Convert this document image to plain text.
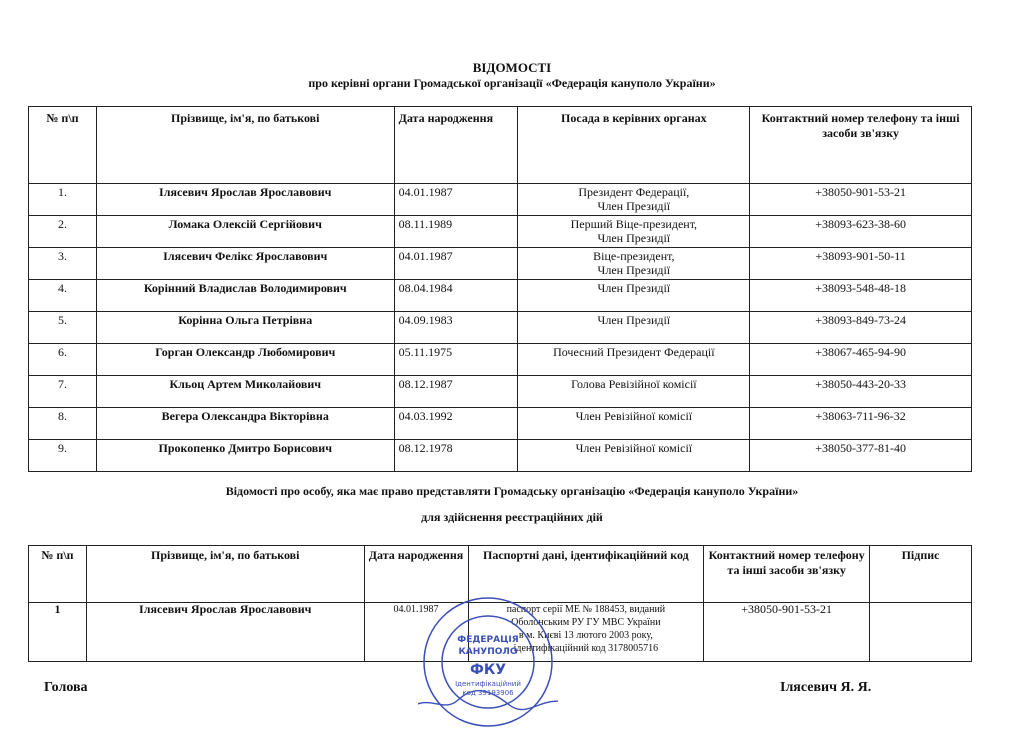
ВІДОМОСТІ
про керівні органи Громадської організації «Федерація кануполо України»
№ п\п	Прізвище, ім'я, по батькові	Дата народження	Посада в керівних органах	Контактний номер телефону та інші засоби зв'язку
1.	Ілясевич Ярослав Ярославович	04.01.1987	Президент Федерації,
Член Президії	+38050-901-53-21
2.	Ломака Олексій Сергійович	08.11.1989	Перший Віце-президент,
Член Президії	+38093-623-38-60
3.	Ілясевич Фелікс Ярославович	04.01.1987	Віце-президент,
Член Президії	+38093-901-50-11
4.	Корінний Владислав Володимирович	08.04.1984	Член Президії	+38093-548-48-18
5.	Корінна Ольга Петрівна	04.09.1983	Член Президії	+38093-849-73-24
6.	Горган Олександр Любомирович	05.11.1975	Почесний Президент Федерації	+38067-465-94-90
7.	Кльоц Артем Миколайович	08.12.1987	Голова Ревізійної комісії	+38050-443-20-33
8.	Вегера Олександра Вікторівна	04.03.1992	Член Ревізійної комісії	+38063-711-96-32
9.	Прокопенко Дмитро Борисович	08.12.1978	Член Ревізійної комісії	+38050-377-81-40
Відомості про особу, яка має право представляти Громадську організацію «Федерація кануполо України»
для здійснення реєстраційних дій
№ п\п	Прізвище, ім'я, по батькові	Дата народження	Паспортні дані, ідентифікаційний код	Контактний номер телефону та інші засоби зв'язку	Підпис
1	Ілясевич Ярослав Ярославович	04.01.1987	паспорт серії МЕ № 188453, виданий
Оболонським РУ ГУ МВС України
в м. Києві 13 лютого 2003 року,
ідентифікаційний код 3178005716	+38050-901-53-21	
ФЕДЕРАЦІЯ
КАНУПОЛО
ФКУ
Ідентифікаційний
код 39193906
Голова	Ілясевич Я. Я.
